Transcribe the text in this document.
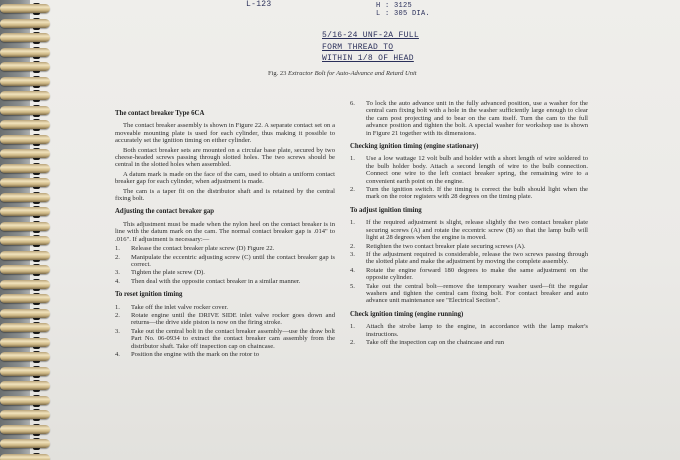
L-123	H : 3125
L : 305 DIA.
5/16-24 UNF-2A FULL
FORM THREAD TO
WITHIN 1/8 OF HEAD
Fig. 23 Extractor Bolt for Auto-Advance and Retard Unit
The contact breaker Type 6CA

The contact breaker assembly is shown in Figure 22. A separate contact set on a moveable mounting plate is used for each cylinder, thus making it possible to accurately set the ignition timing on either cylinder.

Both contact breaker sets are mounted on a circular base plate, secured by two cheese-headed screws passing through slotted holes. The two screws should be central in the slotted holes when assembled.

A datum mark is made on the face of the cam, used to obtain a uniform contact breaker gap for each cylinder, when adjustment is made.

The cam is a taper fit on the distributor shaft and is retained by the central fixing bolt.

Adjusting the contact breaker gap

This adjustment must be made when the nylon heel on the contact breaker is in line with the datum mark on the cam. The normal contact breaker gap is .014" to .016". If adjustment is necessary:—

1. Release the contact breaker plate screw (D) Figure 22.
2. Manipulate the eccentric adjusting screw (C) until the contact breaker gap is correct.
3. Tighten the plate screw (D).
4. Then deal with the opposite contact breaker in a similar manner.
To reset ignition timing
1. Take off the inlet valve rocker cover.
2. Rotate engine until the DRIVE SIDE inlet valve rocker goes down and returns—the drive side piston is now on the firing stroke.
3. Take out the central bolt in the contact breaker assembly—use the draw bolt Part No. 06-0934 to extract the contact breaker cam assembly from the distributor shaft. Take off inspection cap on chaincase.
4. Position the engine with the mark on the rotor to
6. To lock the auto advance unit in the fully advanced position, use a washer for the central cam fixing bolt with a hole in the washer sufficiently large enough to clear the cam post projecting and to bear on the cam itself. Turn the cam to the full advance position and tighten the bolt. A special washer for workshop use is shown in Figure 21 together with its dimensions.
Checking ignition timing (engine stationary)
1. Use a low wattage 12 volt bulb and holder with a short length of wire soldered to the bulb holder body. Attach a second length of wire to the bulb connection. Connect one wire to the left contact breaker spring, the remaining wire to a convenient earth point on the engine.
2. Turn the ignition switch. If the timing is correct the bulb should light when the mark on the rotor registers with 28 degrees on the timing plate.
To adjust ignition timing
1. If the required adjustment is slight, release slightly the two contact breaker plate securing screws (A) and rotate the eccentric screw (B) so that the lamp bulb will light at 28 degrees when the engine is moved.
2. Retighten the two contact breaker plate securing screws (A).
3. If the adjustment required is considerable, release the two screws passing through the slotted plate and make the adjustment by moving the complete assembly.
4. Rotate the engine forward 180 degrees to make the same adjustment on the opposite cylinder.
5. Take out the central bolt—remove the temporary washer used—fit the regular washers and tighten the central cam fixing bolt. For contact breaker and auto advance unit maintenance see "Electrical Section".
Check ignition timing (engine running)
1. Attach the strobe lamp to the engine, in accordance with the lamp maker's instructions.
2. Take off the inspection cap on the chaincase and run
